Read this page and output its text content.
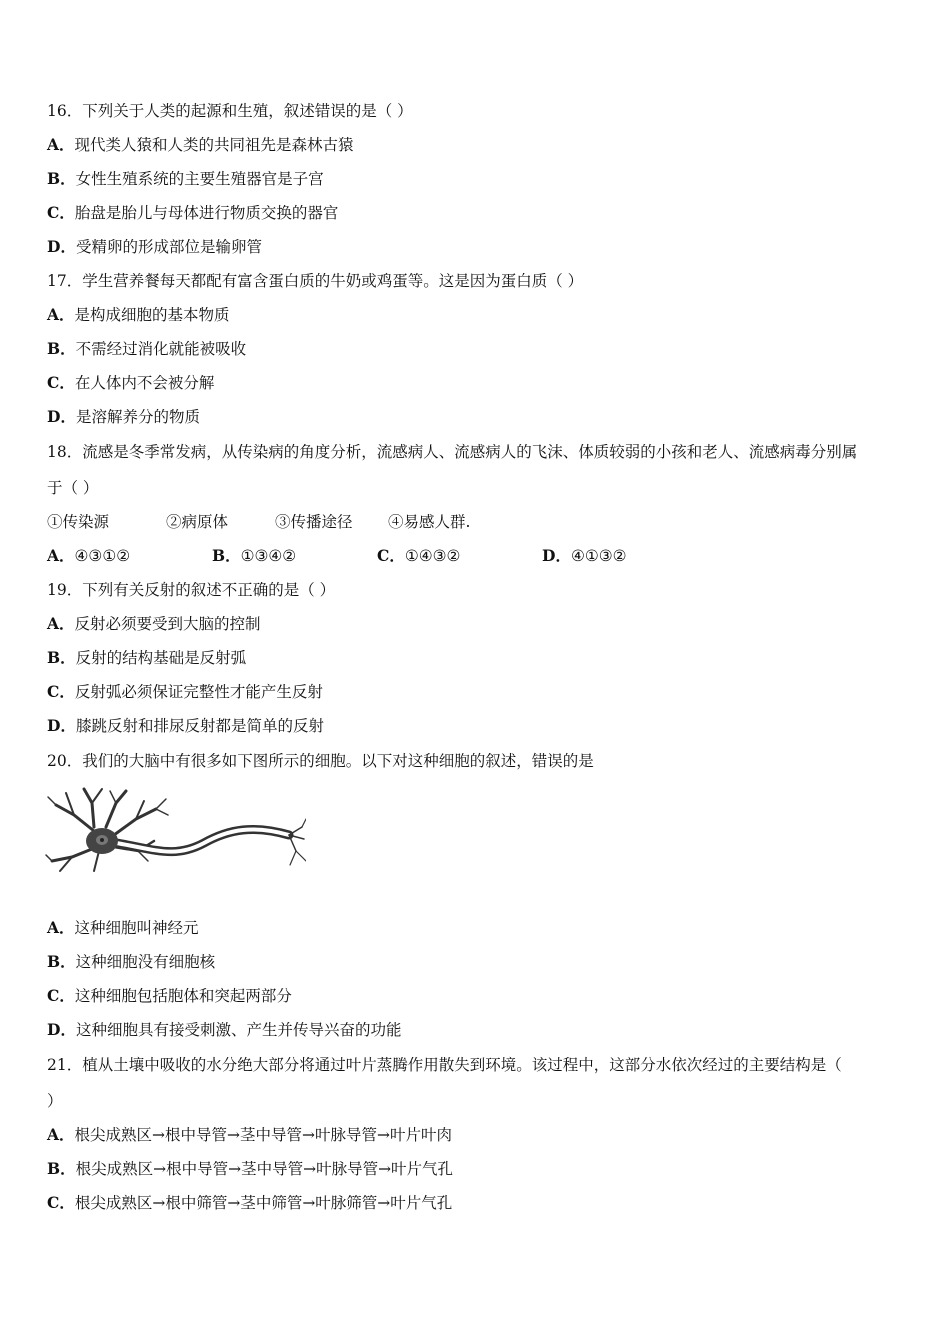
16．下列关于人类的起源和生殖，叙述错误的是（ ）
A．现代类人猿和人类的共同祖先是森林古猿
B．女性生殖系统的主要生殖器官是子宫
C．胎盘是胎儿与母体进行物质交换的器官
D．受精卵的形成部位是输卵管
17．学生营养餐每天都配有富含蛋白质的牛奶或鸡蛋等。这是因为蛋白质（ ）
A．是构成细胞的基本物质
B．不需经过消化就能被吸收
C．在人体内不会被分解
D．是溶解养分的物质
18．流感是冬季常发病，从传染病的角度分析，流感病人、流感病人的飞沫、体质较弱的小孩和老人、流感病毒分别属
于（ ）
①传染源	②病原体	③传播途径 ④易感人群.
A．④③①②	B．①③④②	C．①④③②	D．④①③②
19．下列有关反射的叙述不正确的是（ ）
A．反射必须要受到大脑的控制
B．反射的结构基础是反射弧
C．反射弧必须保证完整性才能产生反射
D．膝跳反射和排尿反射都是简单的反射
20．我们的大脑中有很多如下图所示的细胞。以下对这种细胞的叙述，错误的是
A．这种细胞叫神经元
B．这种细胞没有细胞核
C．这种细胞包括胞体和突起两部分
D．这种细胞具有接受刺激、产生并传导兴奋的功能
21．植从土壤中吸收的水分绝大部分将通过叶片蒸腾作用散失到环境。该过程中，这部分水依次经过的主要结构是（
）
A．根尖成熟区→根中导管→茎中导管→叶脉导管→叶片叶肉
B．根尖成熟区→根中导管→茎中导管→叶脉导管→叶片气孔
C．根尖成熟区→根中筛管→茎中筛管→叶脉筛管→叶片气孔
